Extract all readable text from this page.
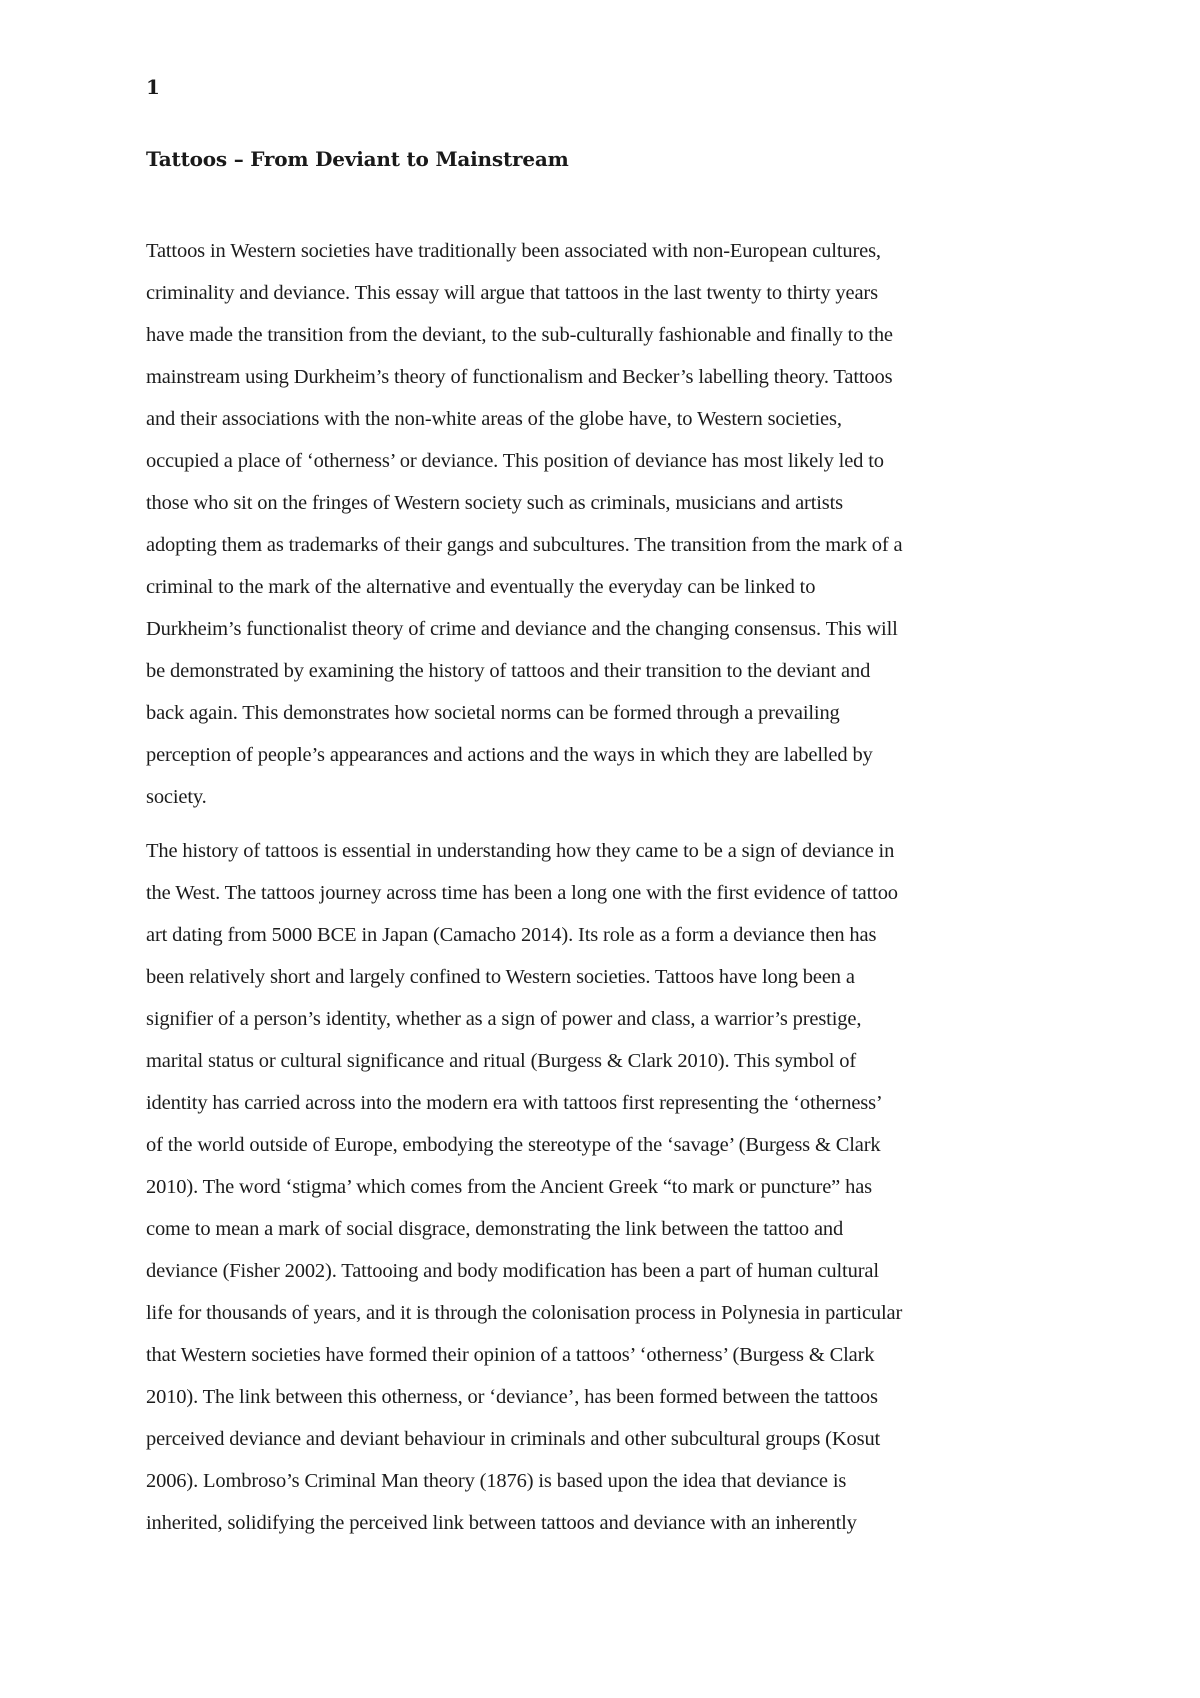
1

Tattoos – From Deviant to Mainstream

Tattoos in Western societies have traditionally been associated with non-European cultures,
criminality and deviance. This essay will argue that tattoos in the last twenty to thirty years
have made the transition from the deviant, to the sub-culturally fashionable and finally to the
mainstream using Durkheim’s theory of functionalism and Becker’s labelling theory. Tattoos
and their associations with the non-white areas of the globe have, to Western societies,
occupied a place of ‘otherness’ or deviance. This position of deviance has most likely led to
those who sit on the fringes of Western society such as criminals, musicians and artists
adopting them as trademarks of their gangs and subcultures. The transition from the mark of a
criminal to the mark of the alternative and eventually the everyday can be linked to
Durkheim’s functionalist theory of crime and deviance and the changing consensus. This will
be demonstrated by examining the history of tattoos and their transition to the deviant and
back again. This demonstrates how societal norms can be formed through a prevailing
perception of people’s appearances and actions and the ways in which they are labelled by
society.

The history of tattoos is essential in understanding how they came to be a sign of deviance in
the West. The tattoos journey across time has been a long one with the first evidence of tattoo
art dating from 5000 BCE in Japan (Camacho 2014). Its role as a form a deviance then has
been relatively short and largely confined to Western societies. Tattoos have long been a
signifier of a person’s identity, whether as a sign of power and class, a warrior’s prestige,
marital status or cultural significance and ritual (Burgess & Clark 2010). This symbol of
identity has carried across into the modern era with tattoos first representing the ‘otherness’
of the world outside of Europe, embodying the stereotype of the ‘savage’ (Burgess & Clark
2010). The word ‘stigma’ which comes from the Ancient Greek “to mark or puncture” has
come to mean a mark of social disgrace, demonstrating the link between the tattoo and
deviance (Fisher 2002). Tattooing and body modification has been a part of human cultural
life for thousands of years, and it is through the colonisation process in Polynesia in particular
that Western societies have formed their opinion of a tattoos’ ‘otherness’ (Burgess & Clark
2010). The link between this otherness, or ‘deviance’, has been formed between the tattoos
perceived deviance and deviant behaviour in criminals and other subcultural groups (Kosut
2006). Lombroso’s Criminal Man theory (1876) is based upon the idea that deviance is
inherited, solidifying the perceived link between tattoos and deviance with an inherently
